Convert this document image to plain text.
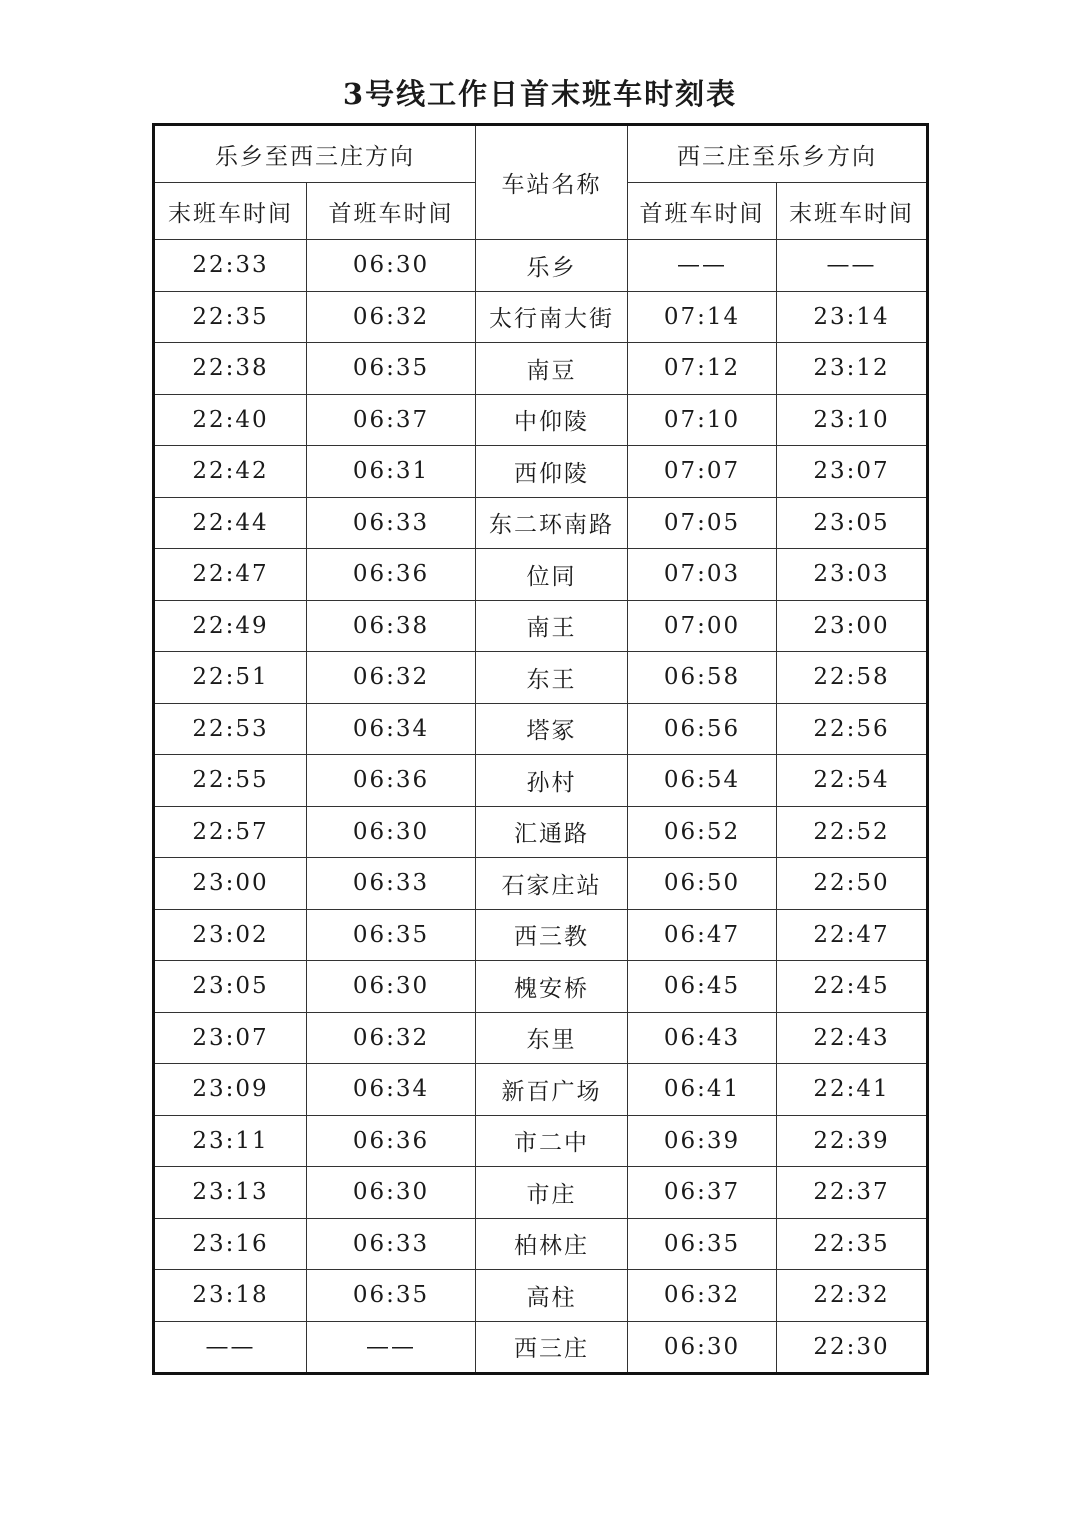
3号线工作日首末班车时刻表
乐乡至西三庄方向		车站名称	西三庄至乐乡方向	
末班车时间	首班车时间		首班车时间	末班车时间
22:33	06:30	乐乡	——	——
22:35	06:32	太行南大街	07:14	23:14
22:38	06:35	南豆	07:12	23:12
22:40	06:37	中仰陵	07:10	23:10
22:42	06:31	西仰陵	07:07	23:07
22:44	06:33	东二环南路	07:05	23:05
22:47	06:36	位同	07:03	23:03
22:49	06:38	南王	07:00	23:00
22:51	06:32	东王	06:58	22:58
22:53	06:34	塔冢	06:56	22:56
22:55	06:36	孙村	06:54	22:54
22:57	06:30	汇通路	06:52	22:52
23:00	06:33	石家庄站	06:50	22:50
23:02	06:35	西三教	06:47	22:47
23:05	06:30	槐安桥	06:45	22:45
23:07	06:32	东里	06:43	22:43
23:09	06:34	新百广场	06:41	22:41
23:11	06:36	市二中	06:39	22:39
23:13	06:30	市庄	06:37	22:37
23:16	06:33	柏林庄	06:35	22:35
23:18	06:35	高柱	06:32	22:32
——	——	西三庄	06:30	22:30
